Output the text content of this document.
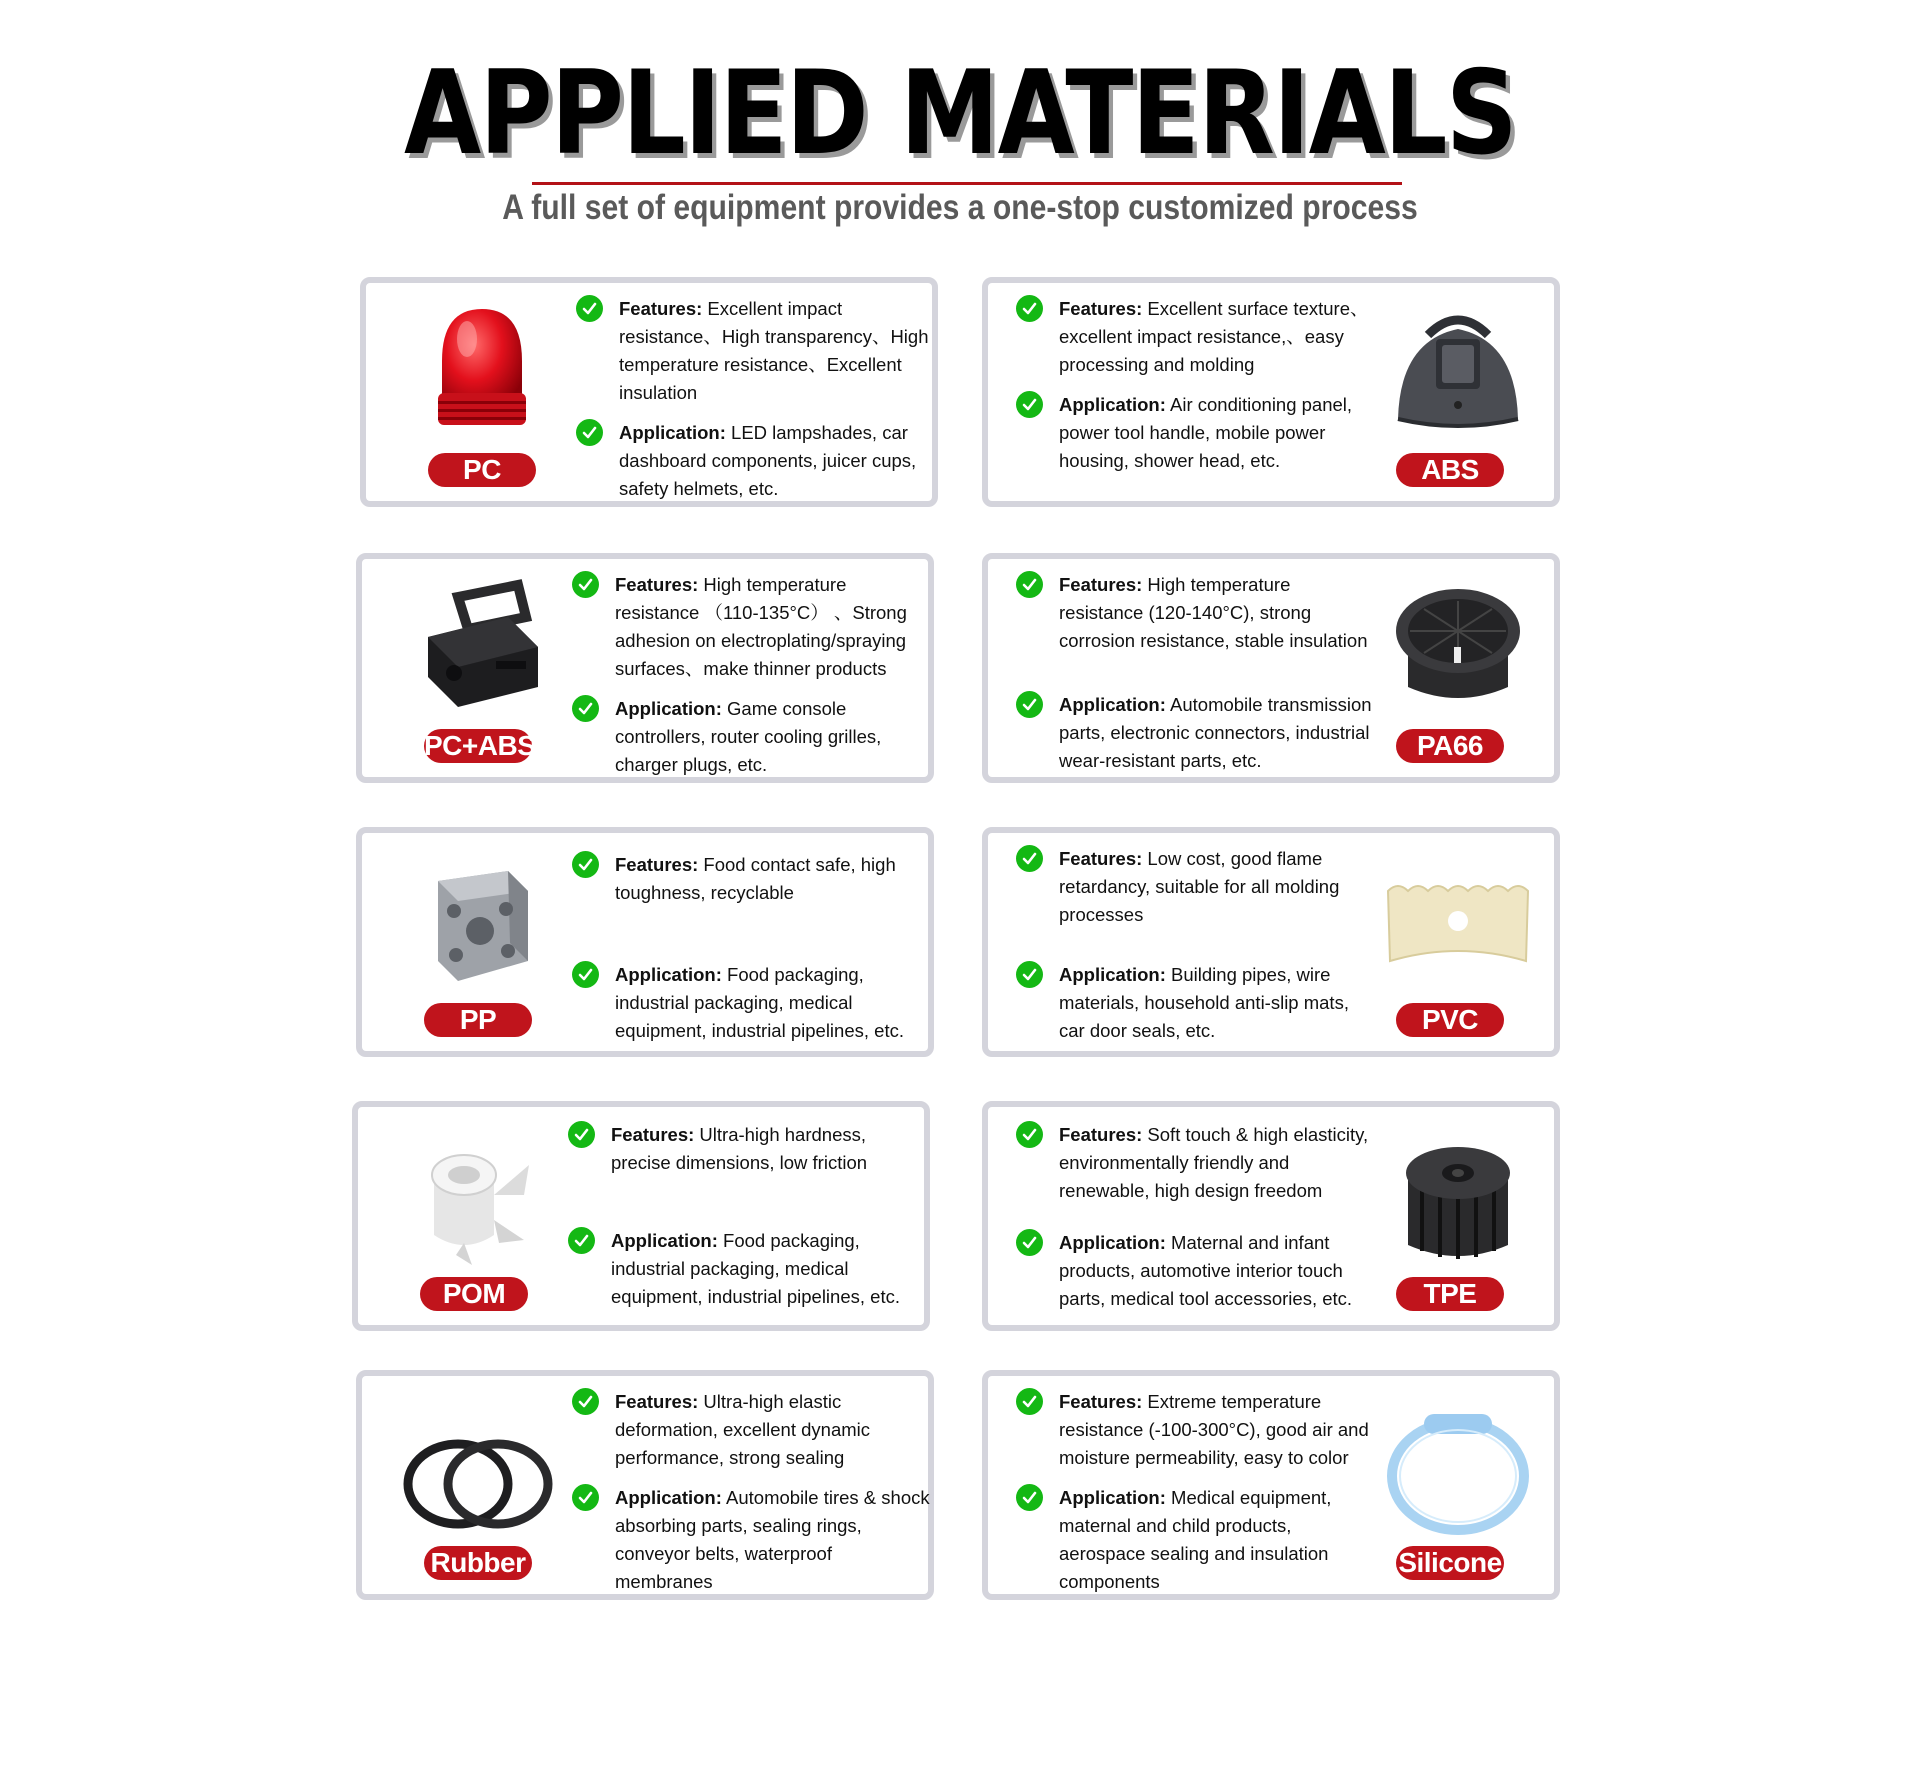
APPLIED MATERIALS
A full set of equipment provides a one-stop customized process
PC
Features: Excellent impact resistance、High transparency、High temperature resistance、Excellent insulation
Application: LED lampshades, car dashboard components, juicer cups, safety helmets, etc.
ABS
Features: Excellent surface texture、excellent impact resistance,、easy processing and molding
Application: Air conditioning panel, power tool handle, mobile power housing, shower head, etc.
PC+ABS
Features: High temperature resistance （110-135°C） 、Strong adhesion on electroplating/spraying surfaces、make thinner products
Application: Game console controllers, router cooling grilles, charger plugs, etc.
PA66
Features: High temperature resistance (120-140°C), strong corrosion resistance, stable insulation
Application: Automobile transmission parts, electronic connectors, industrial wear-resistant parts, etc.
PP
Features: Food contact safe, high toughness, recyclable
Application: Food packaging, industrial packaging, medical equipment, industrial pipelines, etc.	PVC
Features: Low cost, good flame retardancy, suitable for all molding processes
Application: Building pipes, wire materials, household anti-slip mats, car door seals, etc.
POM
Features: Ultra-high hardness, precise dimensions, low friction
Application: Food packaging, industrial packaging, medical equipment, industrial pipelines, etc.	TPE
Features: Soft touch & high elasticity, environmentally friendly and renewable, high design freedom
Application: Maternal and infant products, automotive interior touch parts, medical tool accessories, etc.
Rubber
Features: Ultra-high elastic deformation, excellent dynamic performance, strong sealing
Application: Automobile tires & shock absorbing parts, sealing rings, conveyor belts, waterproof membranes
Silicone
Features: Extreme temperature resistance (-100-300°C), good air and moisture permeability, easy to color
Application: Medical equipment, maternal and child products, aerospace sealing and insulation components
